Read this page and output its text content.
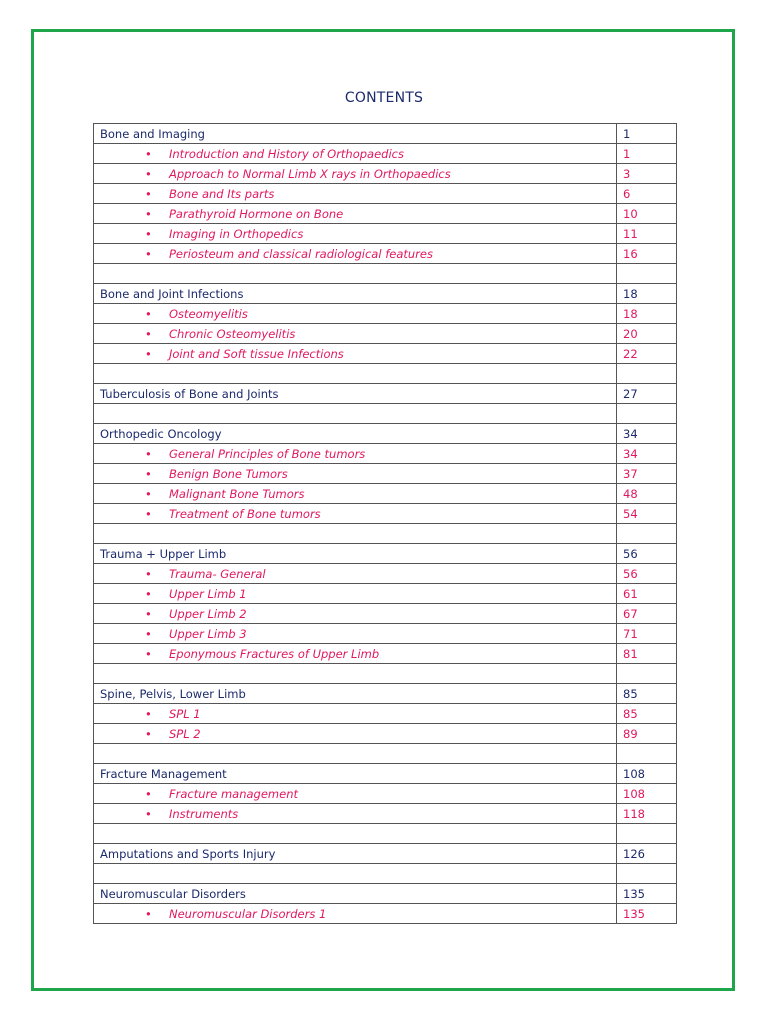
CONTENTS
Bone and Imaging	1
• Introduction and History of Orthopaedics	1
• Approach to Normal Limb X rays in Orthopaedics	3
• Bone and Its parts	6
• Parathyroid Hormone on Bone	10
• Imaging in Orthopedics	11
• Periosteum and classical radiological features	16

Bone and Joint Infections	18
• Osteomyelitis	18
• Chronic Osteomyelitis	20
• Joint and Soft tissue Infections	22

Tuberculosis of Bone and Joints	27

Orthopedic Oncology	34
• General Principles of Bone tumors	34
• Benign Bone Tumors	37
• Malignant Bone Tumors	48
• Treatment of Bone tumors	54

Trauma + Upper Limb	56
• Trauma- General	56
• Upper Limb 1	61
• Upper Limb 2	67
• Upper Limb 3	71
• Eponymous Fractures of Upper Limb	81

Spine, Pelvis, Lower Limb	85
• SPL 1	85
• SPL 2	89

Fracture Management	108
• Fracture management	108
• Instruments	118

Amputations and Sports Injury	126

Neuromuscular Disorders	135
• Neuromuscular Disorders 1	135
